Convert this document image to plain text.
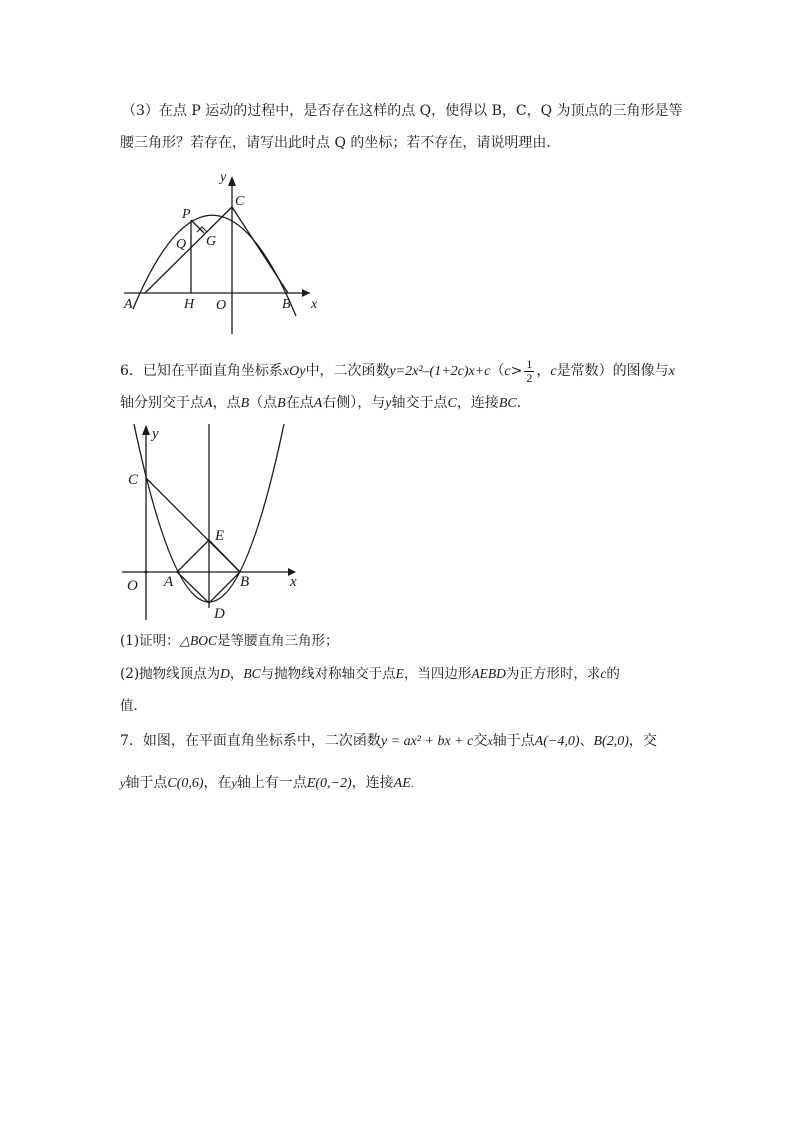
（3）在点 P 运动的过程中，是否存在这样的点 Q，使得以 B，C，Q 为顶点的三角形是等
腰三角形？若存在，请写出此时点 Q 的坐标；若不存在，请说明理由．
y
C
P
Q G
A	H O	B x
6．已知在平面直角坐标系xOy中，二次函数$y=2x^2-(1+2c)x+c(c> \frac{1}{2}$ ，c是常数）的图像与x
轴分别交于点A，点B（点B在点A右侧），与y轴交于点C，连接BC．
y
C
E
O A	B	x
D
(1)证明：△BOC是等腰直角三角形；
(2)抛物线顶点为D，BC与抛物线对称轴交于点E，当四边形AEBD为正方形时，求c的
值．
7．如图，在平面直角坐标系中，二次函数y = ax² + bx + c交x轴于点A(−4,0)、B(2,0)，交
y轴于点C(0,6)，在y轴上有一点E(0,−2)，连接AE.
